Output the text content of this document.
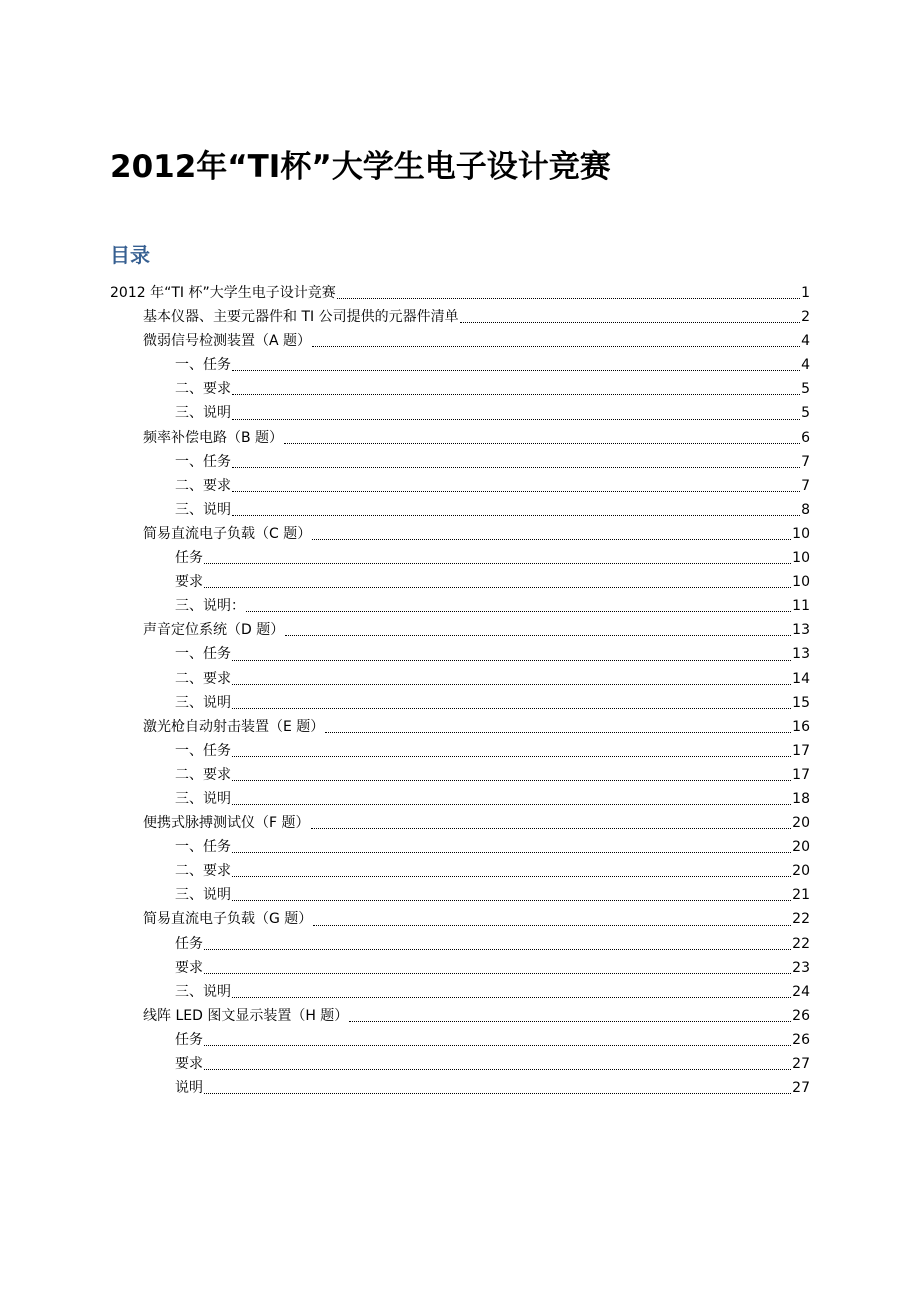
2012年“TI杯”大学生电子设计竞赛
目录
2012 年“TI 杯”大学生电子设计竞赛	1
基本仪器、主要元器件和 TI 公司提供的元器件清单	2
微弱信号检测装置（A 题）	4
一、任务	4
二、要求	5
三、说明	5
频率补偿电路（B 题）	6
一、任务	7
二、要求	7
三、说明	8
简易直流电子负载（C 题）	10
任务	10
要求	10
三、说明：	11
声音定位系统（D 题）	13
一、任务	13
二、要求	14
三、说明	15
激光枪自动射击装置（E 题）	16
一、任务	17
二、要求	17
三、说明	18
便携式脉搏测试仪（F 题）	20
一、任务	20
二、要求	20
三、说明	21
简易直流电子负载（G 题）	22
任务	22
要求	23
三、说明	24
线阵 LED 图文显示装置（H 题）	26
任务	26
要求	27
说明	27
